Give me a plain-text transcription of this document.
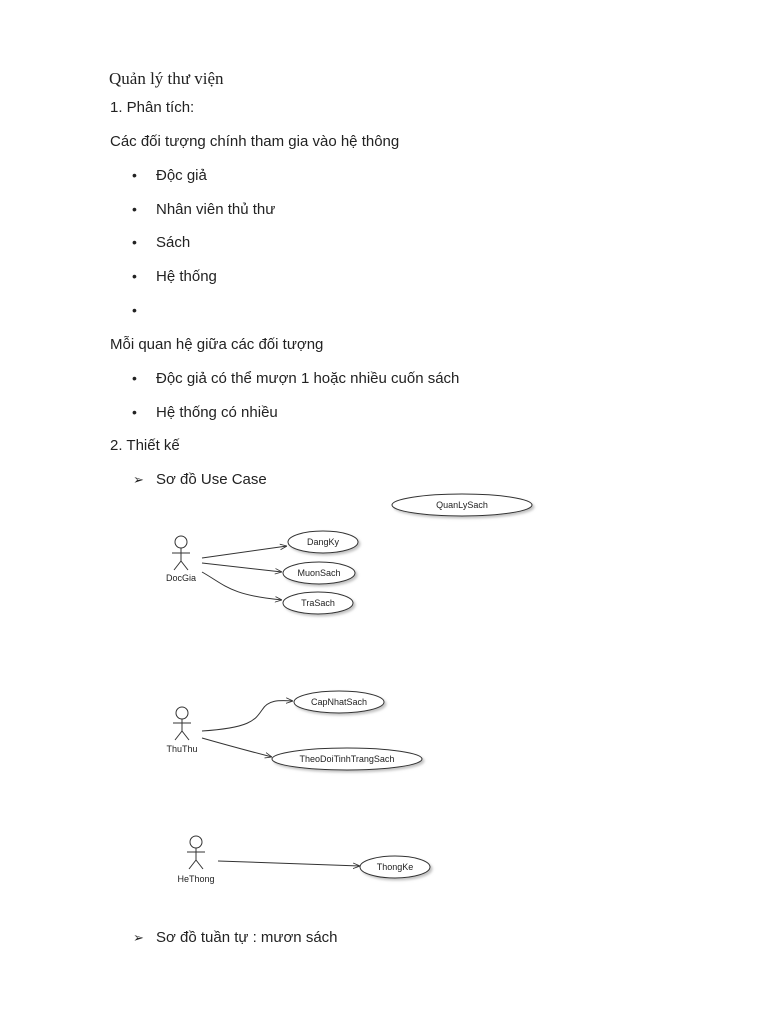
Quản lý thư viện
1. Phân tích:
Các đối tượng chính tham gia vào hệ thông
• Độc giả
• Nhân viên thủ thư
• Sách
• Hệ thống
•
Mỗi quan hệ giữa các đối tượng
• Độc giả có thể mượn 1 hoặc nhiều cuốn sách
• Hệ thống có nhiều
2. Thiết kế
➢ Sơ đồ Use Case
QuanLySach
DocGia
DangKy
MuonSach
TraSach
ThuThu
CapNhatSach
TheoDoiTinhTrangSach
HeThong
ThongKe
➢ Sơ đồ tuần tự : mươn sách
